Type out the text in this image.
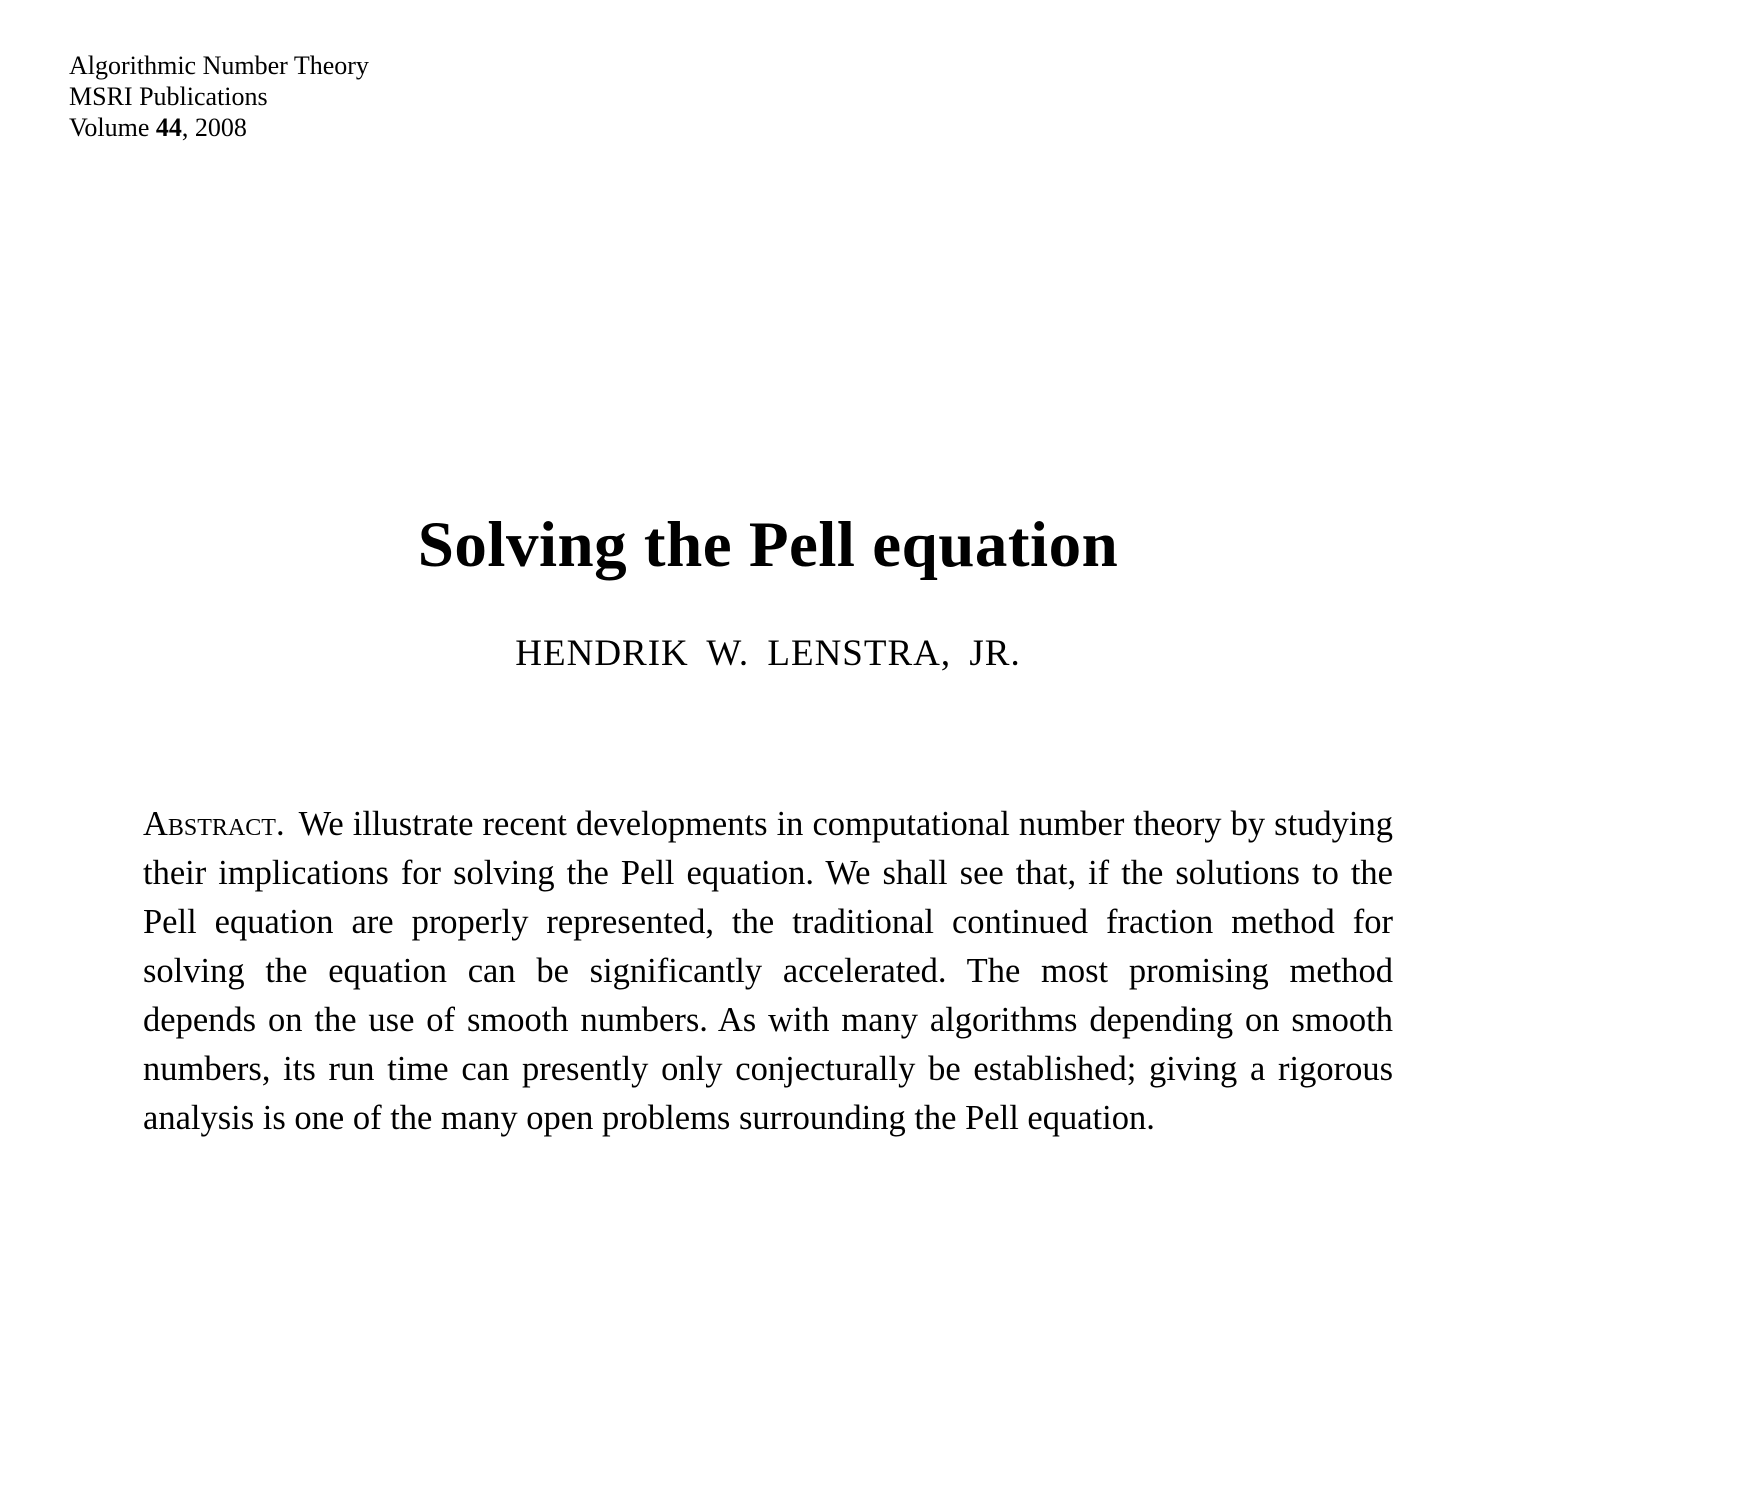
Algorithmic Number Theory
MSRI Publications
Volume 44, 2008
Solving the Pell equation
HENDRIK W. LENSTRA, JR.
Abstract. We illustrate recent developments in computational number theory by studying their implications for solving the Pell equation. We shall see that, if the solutions to the Pell equation are properly represented, the traditional continued fraction method for solving the equation can be significantly accelerated. The most promising method depends on the use of smooth numbers. As with many algorithms depending on smooth numbers, its run time can presently only conjecturally be established; giving a rigorous analysis is one of the many open problems surrounding the Pell equation.
